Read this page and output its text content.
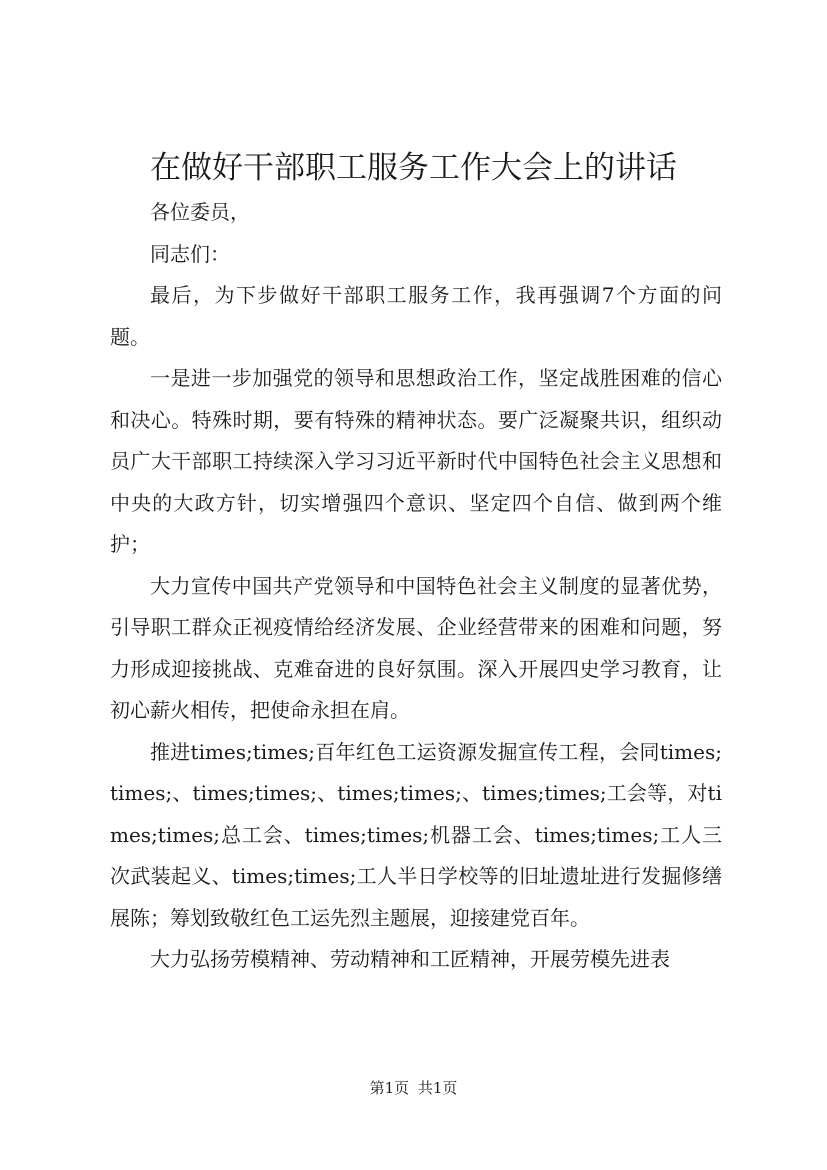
在做好干部职工服务工作大会上的讲话

各位委员，

同志们：

最后，为下步做好干部职工服务工作，我再强调7个方面的问题。

一是进一步加强党的领导和思想政治工作，坚定战胜困难的信心和决心。特殊时期，要有特殊的精神状态。要广泛凝聚共识，组织动员广大干部职工持续深入学习习近平新时代中国特色社会主义思想和中央的大政方针，切实增强四个意识、坚定四个自信、做到两个维护；

大力宣传中国共产党领导和中国特色社会主义制度的显著优势，引导职工群众正视疫情给经济发展、企业经营带来的困难和问题，努力形成迎接挑战、克难奋进的良好氛围。深入开展四史学习教育，让初心薪火相传，把使命永担在肩。

推进times;times;百年红色工运资源发掘宣传工程，会同times;times;、times;times;、times;times;、times;times;工会等，对times;times;总工会、times;times;机器工会、times;times;工人三次武装起义、times;times;工人半日学校等的旧址遗址进行发掘修缮展陈；筹划致敬红色工运先烈主题展，迎接建党百年。

大力弘扬劳模精神、劳动精神和工匠精神，开展劳模先进表

第1页 共1页
